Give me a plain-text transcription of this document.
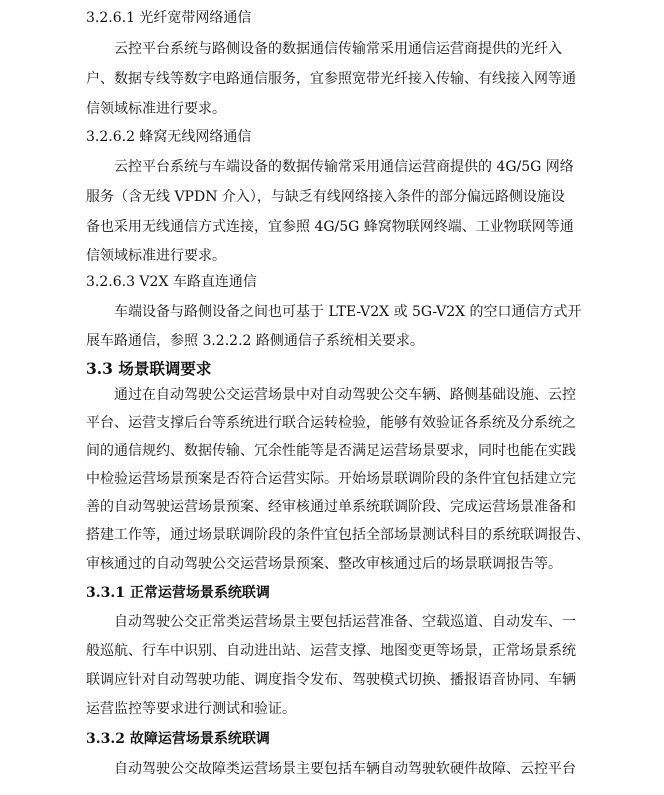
3.2.6.1 光纤宽带网络通信
云控平台系统与路侧设备的数据通信传输常采用通信运营商提供的光纤入
户、数据专线等数字电路通信服务，宜参照宽带光纤接入传输、有线接入网等通
信领域标准进行要求。
3.2.6.2 蜂窝无线网络通信
云控平台系统与车端设备的数据传输常采用通信运营商提供的 4G/5G 网络
服务（含无线 VPDN 介入），与缺乏有线网络接入条件的部分偏远路侧设施设
备也采用无线通信方式连接，宜参照 4G/5G 蜂窝物联网终端、工业物联网等通
信领域标准进行要求。
3.2.6.3 V2X 车路直连通信
车端设备与路侧设备之间也可基于 LTE-V2X 或 5G-V2X 的空口通信方式开
展车路通信，参照 3.2.2.2 路侧通信子系统相关要求。
3.3 场景联调要求
通过在自动驾驶公交运营场景中对自动驾驶公交车辆、路侧基础设施、云控
平台、运营支撑后台等系统进行联合运转检验，能够有效验证各系统及分系统之
间的通信规约、数据传输、冗余性能等是否满足运营场景要求，同时也能在实践
中检验运营场景预案是否符合运营实际。开始场景联调阶段的条件宜包括建立完
善的自动驾驶运营场景预案、经审核通过单系统联调阶段、完成运营场景准备和
搭建工作等，通过场景联调阶段的条件宜包括全部场景测试科目的系统联调报告、
审核通过的自动驾驶公交运营场景预案、整改审核通过后的场景联调报告等。
3.3.1 正常运营场景系统联调
自动驾驶公交正常类运营场景主要包括运营准备、空载巡道、自动发车、一
般巡航、行车中识别、自动进出站、运营支撑、地图变更等场景，正常场景系统
联调应针对自动驾驶功能、调度指令发布、驾驶模式切换、播报语音协同、车辆
运营监控等要求进行测试和验证。
3.3.2 故障运营场景系统联调
自动驾驶公交故障类运营场景主要包括车辆自动驾驶软硬件故障、云控平台
